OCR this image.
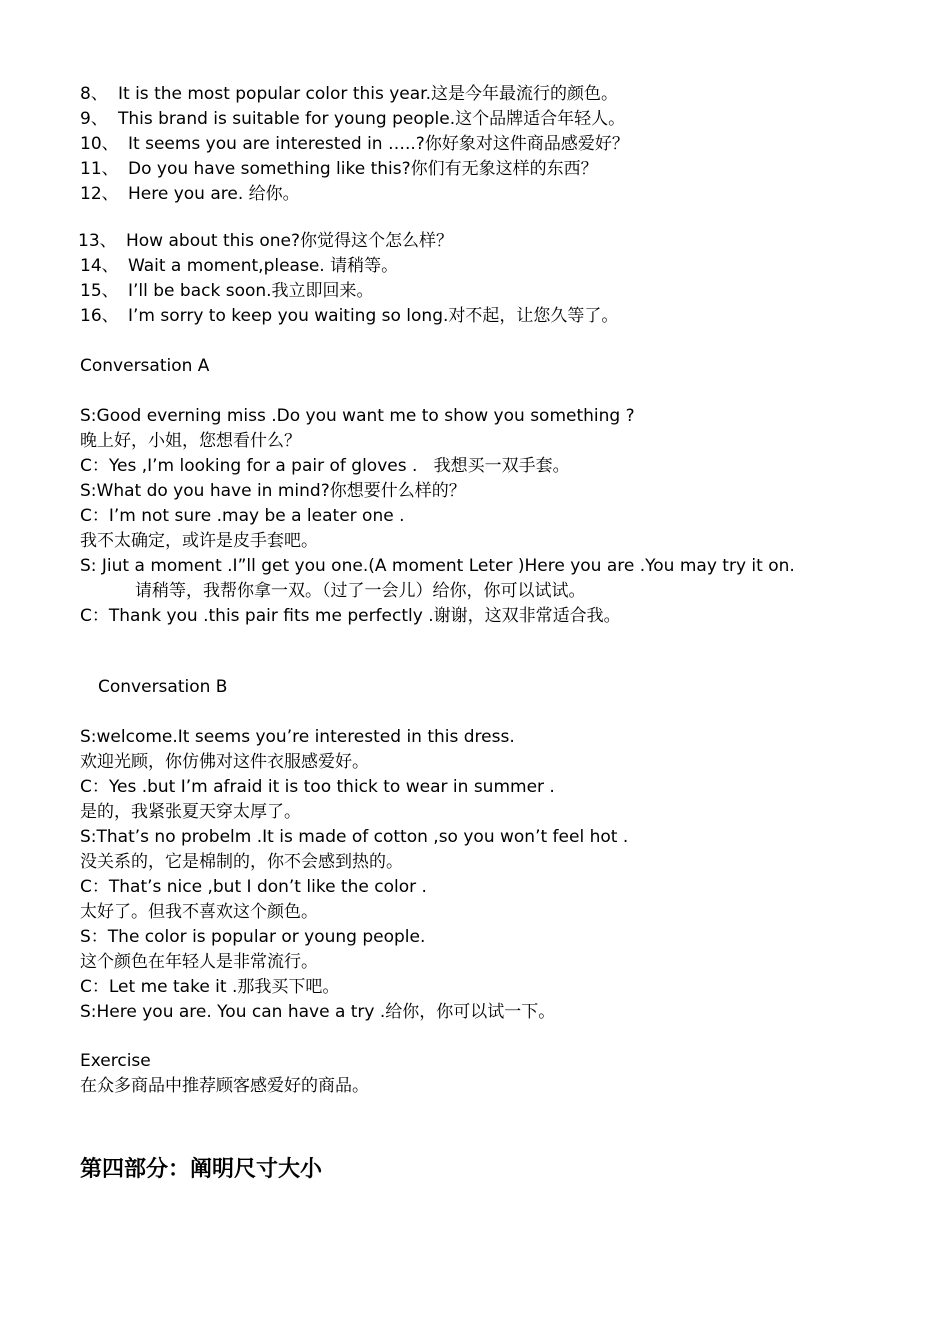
8、 It is the most popular color this year.这是今年最流行的颜色。
9、 This brand is suitable for young people.这个品牌适合年轻人。
10、 It seems you are interested in …..?你好象对这件商品感爱好？
11、 Do you have something like this?你们有无象这样的东西？
12、 Here you are. 给你。
13、 How about this one?你觉得这个怎么样？
14、 Wait a moment,please. 请稍等。
15、 I’ll be back soon.我立即回来。
16、 I’m sorry to keep you waiting so long.对不起，让您久等了。
Conversation A
S:Good everning miss .Do you want me to show you something ?
晚上好，小姐，您想看什么？
C：Yes ,I’m looking for a pair of gloves .   我想买一双手套。
S:What do you have in mind?你想要什么样的？
C：I’m not sure .may be a leater one .
我不太确定，或许是皮手套吧。
S: Jiut a moment .I”ll get you one.(A moment Leter )Here you are .You may try it on.
请稍等，我帮你拿一双。（过了一会儿）给你，你可以试试。
C：Thank you .this pair fits me perfectly .谢谢，这双非常适合我。
Conversation B
S:welcome.It seems you’re interested in this dress.
欢迎光顾，你仿佛对这件衣服感爱好。
C：Yes .but I’m afraid it is too thick to wear in summer .
是的，我紧张夏天穿太厚了。
S:That’s no probelm .It is made of cotton ,so you won’t feel hot .
没关系的，它是棉制的，你不会感到热的。
C：That’s nice ,but I don’t like the color .
太好了。但我不喜欢这个颜色。
S：The color is popular or young people.
这个颜色在年轻人是非常流行。
C：Let me take it .那我买下吧。
S:Here you are. You can have a try .给你，你可以试一下。
Exercise
在众多商品中推荐顾客感爱好的商品。
第四部分：阐明尺寸大小
